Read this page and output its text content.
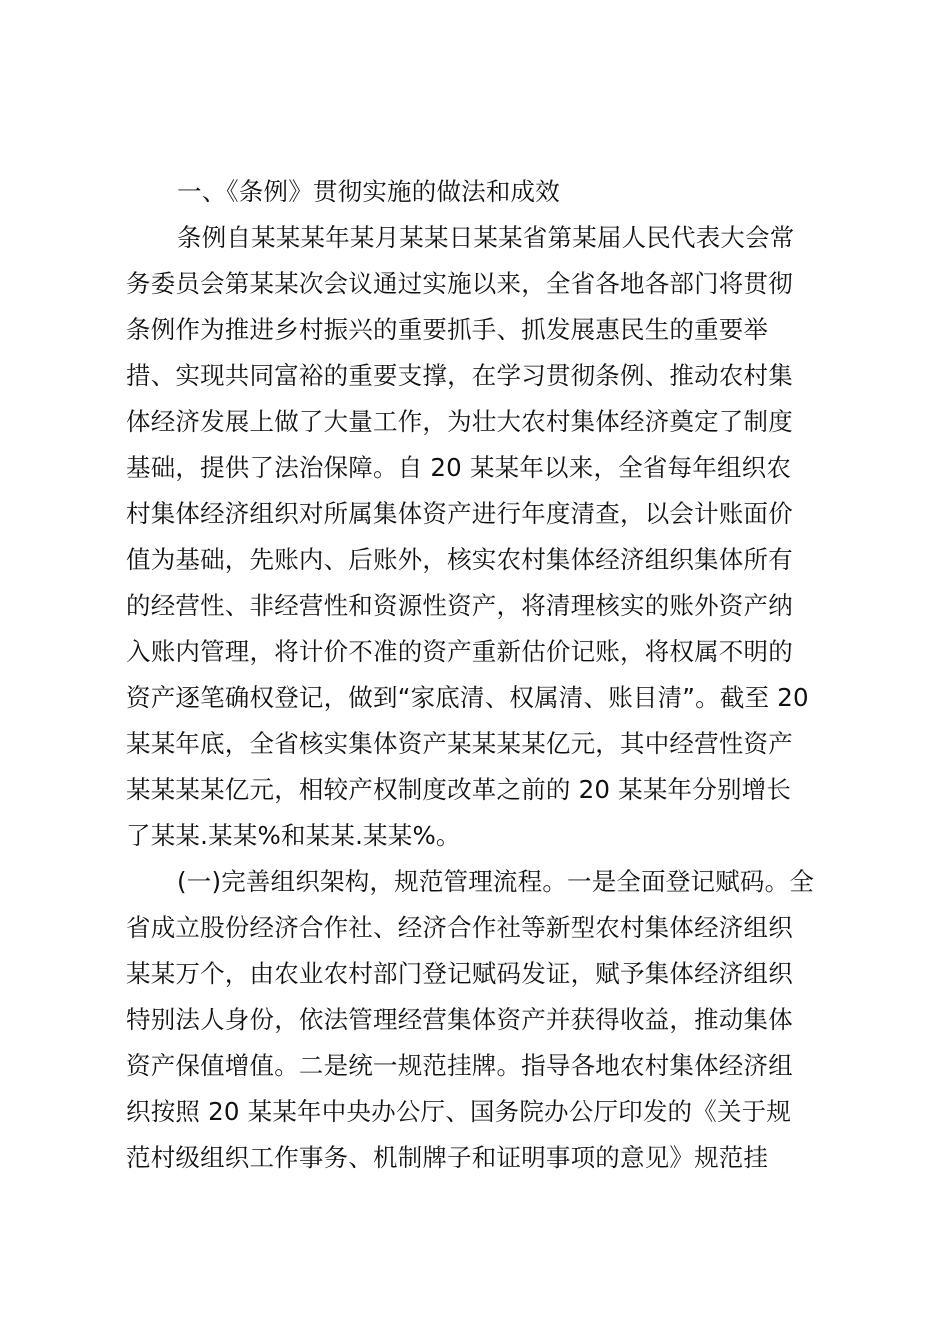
一、《条例》贯彻实施的做法和成效

条例自某某某年某月某某日某某省第某届人民代表大会常

务委员会第某某次会议通过实施以来，全省各地各部门将贯彻

条例作为推进乡村振兴的重要抓手、抓发展惠民生的重要举

措、实现共同富裕的重要支撑，在学习贯彻条例、推动农村集

体经济发展上做了大量工作，为壮大农村集体经济奠定了制度

基础，提供了法治保障。自 20 某某年以来，全省每年组织农

村集体经济组织对所属集体资产进行年度清查，以会计账面价

值为基础，先账内、后账外，核实农村集体经济组织集体所有

的经营性、非经营性和资源性资产，将清理核实的账外资产纳

入账内管理，将计价不准的资产重新估价记账，将权属不明的

资产逐笔确权登记，做到“家底清、权属清、账目清”。截至 20

某某年底，全省核实集体资产某某某某亿元，其中经营性资产

某某某某亿元，相较产权制度改革之前的 20 某某年分别增长

了某某.某某%和某某.某某%。

(一)完善组织架构，规范管理流程。一是全面登记赋码。全

省成立股份经济合作社、经济合作社等新型农村集体经济组织

某某万个，由农业农村部门登记赋码发证，赋予集体经济组织

特别法人身份，依法管理经营集体资产并获得收益，推动集体

资产保值增值。二是统一规范挂牌。指导各地农村集体经济组

织按照 20 某某年中央办公厅、国务院办公厅印发的《关于规

范村级组织工作事务、机制牌子和证明事项的意见》规范挂
